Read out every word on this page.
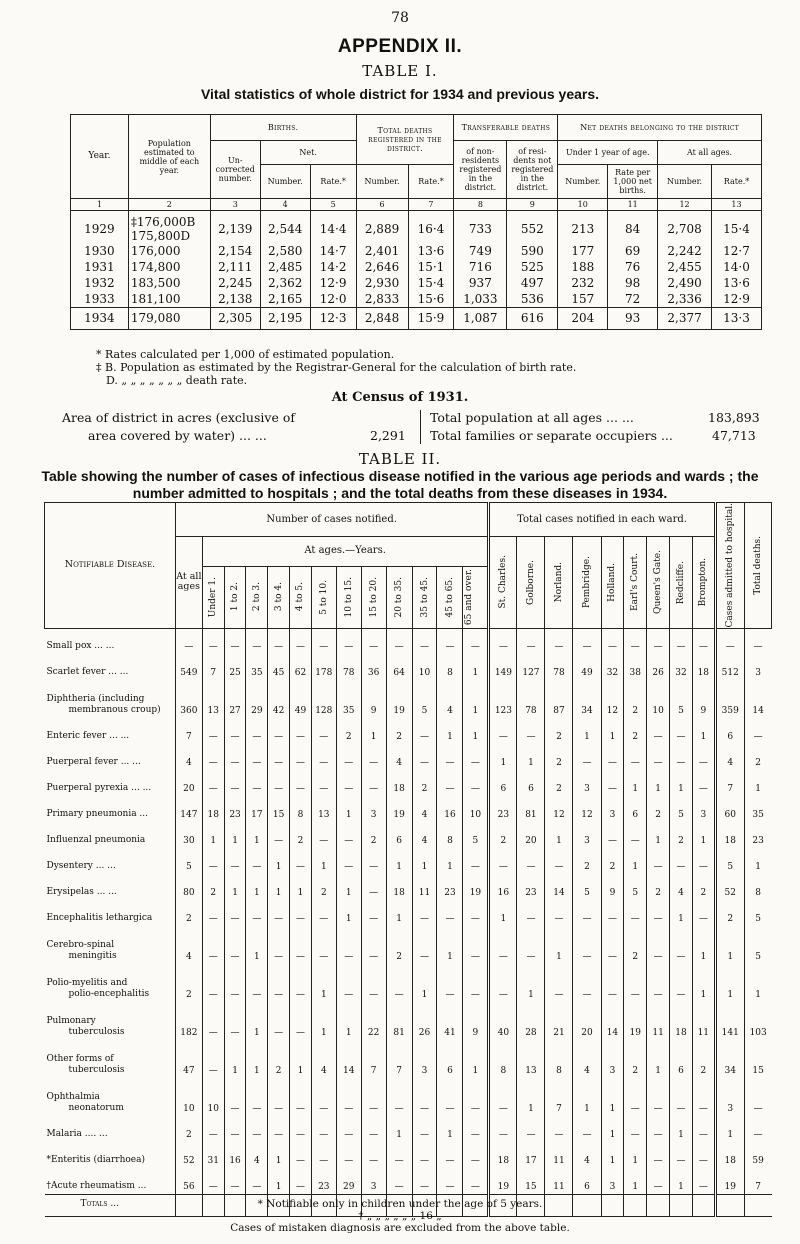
78
APPENDIX II.
TABLE I.
Vital statistics of whole district for 1934 and previous years.
Year.	Population estimated to middle of each year.	Births.			Total deaths registered in the district.		Transferable deaths		Net deaths belonging to the district			
		Un- corrected number.	Net.				of non- residents registered in the district.	of resi- dents not registered in the district.	Under 1 year of age.		At all ages.	
			Number.	Rate.*	Number.	Rate.*			Number.	Rate per 1,000 net births.	Number.	Rate.*
1	2	3	4	5	6	7	8	9	10	11	12	13
1929	‡176,000B 175,800D	2,139	2,544	14·4	2,889	16·4	733	552	213	84	2,708	15·4
1930	176,000	2,154	2,580	14·7	2,401	13·6	749	590	177	69	2,242	12·7
1931	174,800	2,111	2,485	14·2	2,646	15·1	716	525	188	76	2,455	14·0
1932	183,500	2,245	2,362	12·9	2,930	15·4	937	497	232	98	2,490	13·6
1933	181,100	2,138	2,165	12·0	2,833	15·6	1,033	536	157	72	2,336	12·9
1934	179,080	2,305	2,195	12·3	2,848	15·9	1,087	616	204	93	2,377	13·3
* Rates calculated per 1,000 of estimated population.
‡ B. Population as estimated by the Registrar-General for the calculation of birth rate.
D. „ „ „ „ „ „ „ death rate.
At Census of 1931.
Area of district in acres (exclusive of
area covered by water) ... ...	2,291
Total population at all ages ... ...	183,893
Total families or separate occupiers ...	47,713
TABLE II.
Table showing the number of cases of infectious disease notified in the various age periods and wards ; the number admitted to hospitals ; and the total deaths from these diseases in 1934.
Notifiable Disease.	Number of cases notified.													Total cases notified in each ward.									Cases admitted to hospital.	Total deaths.

	At all ages	At ages.—Years.												St. Charles.	Golborne.	Norland.	Pembridge.	Holland.	Earl's Court.	Queen's Gate.	Redcliffe.	Brompton.		

		Under 1.	1 to 2.	2 to 3.	3 to 4.	4 to 5.	5 to 10.	10 to 15.	15 to 20.	20 to 35.	35 to 45.	45 to 65.	65 and over.											

Small pox ... ...	—	—	—	—	—	—	—	—	—	—	—	—	—	—	—	—	—	—	—	—	—	—	—	—

Scarlet fever ... ...	549	7	25	35	45	62	178	78	36	64	10	8	1	149	127	78	49	32	38	26	32	18	512	3

Diphtheria (including
membranous croup)	360	13	27	29	42	49	128	35	9	19	5	4	1	123	78	87	34	12	2	10	5	9	359	14

Enteric fever ... ...	7	—	—	—	—	—	—	2	1	2	—	1	1	—	—	2	1	1	2	—	—	1	6	—

Puerperal fever ... ...	4	—	—	—	—	—	—	—	—	4	—	—	—	1	1	2	—	—	—	—	—	—	4	2

Puerperal pyrexia ... ...	20	—	—	—	—	—	—	—	—	18	2	—	—	6	6	2	3	—	1	1	1	—	7	1

Primary pneumonia ...	147	18	23	17	15	8	13	1	3	19	4	16	10	23	81	12	12	3	6	2	5	3	60	35

Influenzal pneumonia	30	1	1	1	—	2	—	—	2	6	4	8	5	2	20	1	3	—	—	1	2	1	18	23

Dysentery ... ...	5	—	—	—	1	—	1	—	—	1	1	1	—	—	—	—	2	2	1	—	—	—	5	1

Erysipelas ... ...	80	2	1	1	1	1	2	1	—	18	11	23	19	16	23	14	5	9	5	2	4	2	52	8

Encephalitis lethargica	2	—	—	—	—	—	—	1	—	1	—	—	—	1	—	—	—	—	—	—	1	—	2	5

Cerebro-spinal
meningitis	4	—	—	1	—	—	—	—	—	2	—	1	—	—	—	1	—	—	2	—	—	1	1	5

Polio-myelitis and
polio-encephalitis	2	—	—	—	—	—	1	—	—	—	1	—	—	—	1	—	—	—	—	—	—	1	1	1

Pulmonary
tuberculosis	182	—	—	1	—	—	1	1	22	81	26	41	9	40	28	21	20	14	19	11	18	11	141	103

Other forms of
tuberculosis	47	—	1	1	2	1	4	14	7	7	3	6	1	8	13	8	4	3	2	1	6	2	34	15

Ophthalmia
neonatorum	10	10	—	—	—	—	—	—	—	—	—	—	—	—	1	7	1	1	—	—	—	—	3	—

Malaria .... ...	2	—	—	—	—	—	—	—	—	1	—	1	—	—	—	—	—	1	—	—	1	—	1	—

*Enteritis (diarrhoea)	52	31	16	4	1	—	—	—	—	—	—	—	—	18	17	11	4	1	1	—	—	—	18	59

†Acute rheumatism ...	56	—	—	—	1	—	23	29	3	—	—	—	—	19	15	11	6	3	1	—	1	—	19	7
Totals ...																									* Notifiable only in children under the age of 5 years.
† „ „ „ „ „ „ 16 „
Cases of mistaken diagnosis are excluded from the above table.
